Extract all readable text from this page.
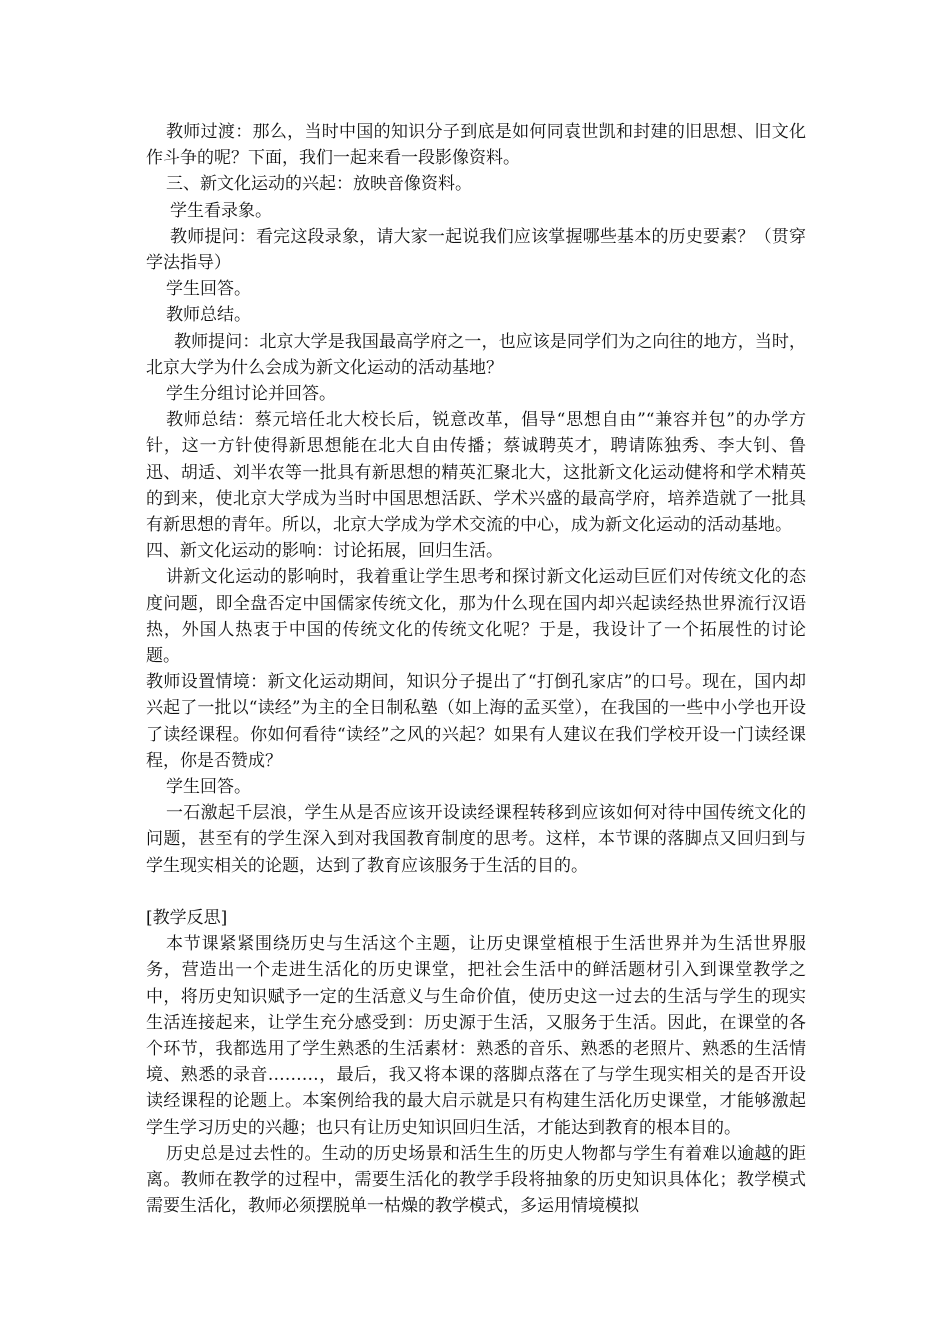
教师过渡：那么，当时中国的知识分子到底是如何同袁世凯和封建的旧思想、旧文化作斗争的呢？下面，我们一起来看一段影像资料。

三、新文化运动的兴起：放映音像资料。

学生看录象。

教师提问：看完这段录象，请大家一起说我们应该掌握哪些基本的历史要素？（贯穿学法指导）

学生回答。

教师总结。

教师提问：北京大学是我国最高学府之一，也应该是同学们为之向往的地方，当时，北京大学为什么会成为新文化运动的活动基地？

学生分组讨论并回答。

教师总结：蔡元培任北大校长后，锐意改革，倡导“思想自由”“兼容并包”的办学方针，这一方针使得新思想能在北大自由传播；蔡诚聘英才，聘请陈独秀、李大钊、鲁迅、胡适、刘半农等一批具有新思想的精英汇聚北大，这批新文化运动健将和学术精英的到来，使北京大学成为当时中国思想活跃、学术兴盛的最高学府，培养造就了一批具有新思想的青年。所以，北京大学成为学术交流的中心，成为新文化运动的活动基地。

四、新文化运动的影响：讨论拓展，回归生活。

讲新文化运动的影响时，我着重让学生思考和探讨新文化运动巨匠们对传统文化的态度问题，即全盘否定中国儒家传统文化，那为什么现在国内却兴起读经热世界流行汉语热，外国人热衷于中国的传统文化的传统文化呢？于是，我设计了一个拓展性的讨论题。

教师设置情境：新文化运动期间，知识分子提出了“打倒孔家店”的口号。现在，国内却兴起了一批以“读经”为主的全日制私塾（如上海的孟买堂），在我国的一些中小学也开设了读经课程。你如何看待“读经”之风的兴起？如果有人建议在我们学校开设一门读经课程，你是否赞成？

学生回答。

一石激起千层浪，学生从是否应该开设读经课程转移到应该如何对待中国传统文化的问题，甚至有的学生深入到对我国教育制度的思考。这样，本节课的落脚点又回归到与学生现实相关的论题，达到了教育应该服务于生活的目的。

[教学反思]

本节课紧紧围绕历史与生活这个主题，让历史课堂植根于生活世界并为生活世界服务，营造出一个走进生活化的历史课堂，把社会生活中的鲜活题材引入到课堂教学之中，将历史知识赋予一定的生活意义与生命价值，使历史这一过去的生活与学生的现实生活连接起来，让学生充分感受到：历史源于生活，又服务于生活。因此，在课堂的各个环节，我都选用了学生熟悉的生活素材：熟悉的音乐、熟悉的老照片、熟悉的生活情境、熟悉的录音………，最后，我又将本课的落脚点落在了与学生现实相关的是否开设读经课程的论题上。本案例给我的最大启示就是只有构建生活化历史课堂，才能够激起学生学习历史的兴趣；也只有让历史知识回归生活，才能达到教育的根本目的。

历史总是过去性的。生动的历史场景和活生生的历史人物都与学生有着难以逾越的距离。教师在教学的过程中，需要生活化的教学手段将抽象的历史知识具体化；教学模式需要生活化，教师必须摆脱单一枯燥的教学模式，多运用情境模拟
